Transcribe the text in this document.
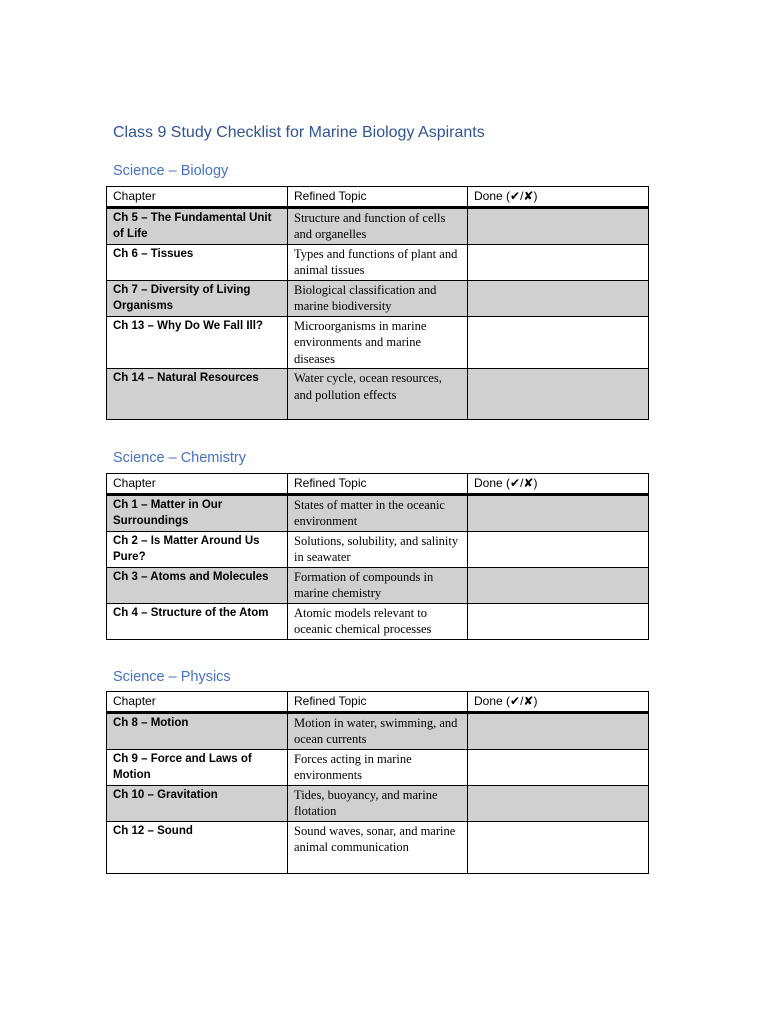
Class 9 Study Checklist for Marine Biology Aspirants
Science – Biology
Chapter	Refined Topic	Done (✔/✘)
Ch 5 – The Fundamental Unit of Life	Structure and function of cells and organelles	
Ch 6 – Tissues	Types and functions of plant and animal tissues	
Ch 7 – Diversity of Living Organisms	Biological classification and marine biodiversity	
Ch 13 – Why Do We Fall Ill?	Microorganisms in marine environments and marine diseases	
Ch 14 – Natural Resources	Water cycle, ocean resources, and pollution effects	
Science – Chemistry
Chapter	Refined Topic	Done (✔/✘)
Ch 1 – Matter in Our Surroundings	States of matter in the oceanic environment	
Ch 2 – Is Matter Around Us Pure?	Solutions, solubility, and salinity in seawater	
Ch 3 – Atoms and Molecules	Formation of compounds in marine chemistry	
Ch 4 – Structure of the Atom	Atomic models relevant to oceanic chemical processes	
Science – Physics
Chapter	Refined Topic	Done (✔/✘)
Ch 8 – Motion	Motion in water, swimming, and ocean currents	
Ch 9 – Force and Laws of Motion	Forces acting in marine environments	
Ch 10 – Gravitation	Tides, buoyancy, and marine flotation	
Ch 12 – Sound	Sound waves, sonar, and marine animal communication	
